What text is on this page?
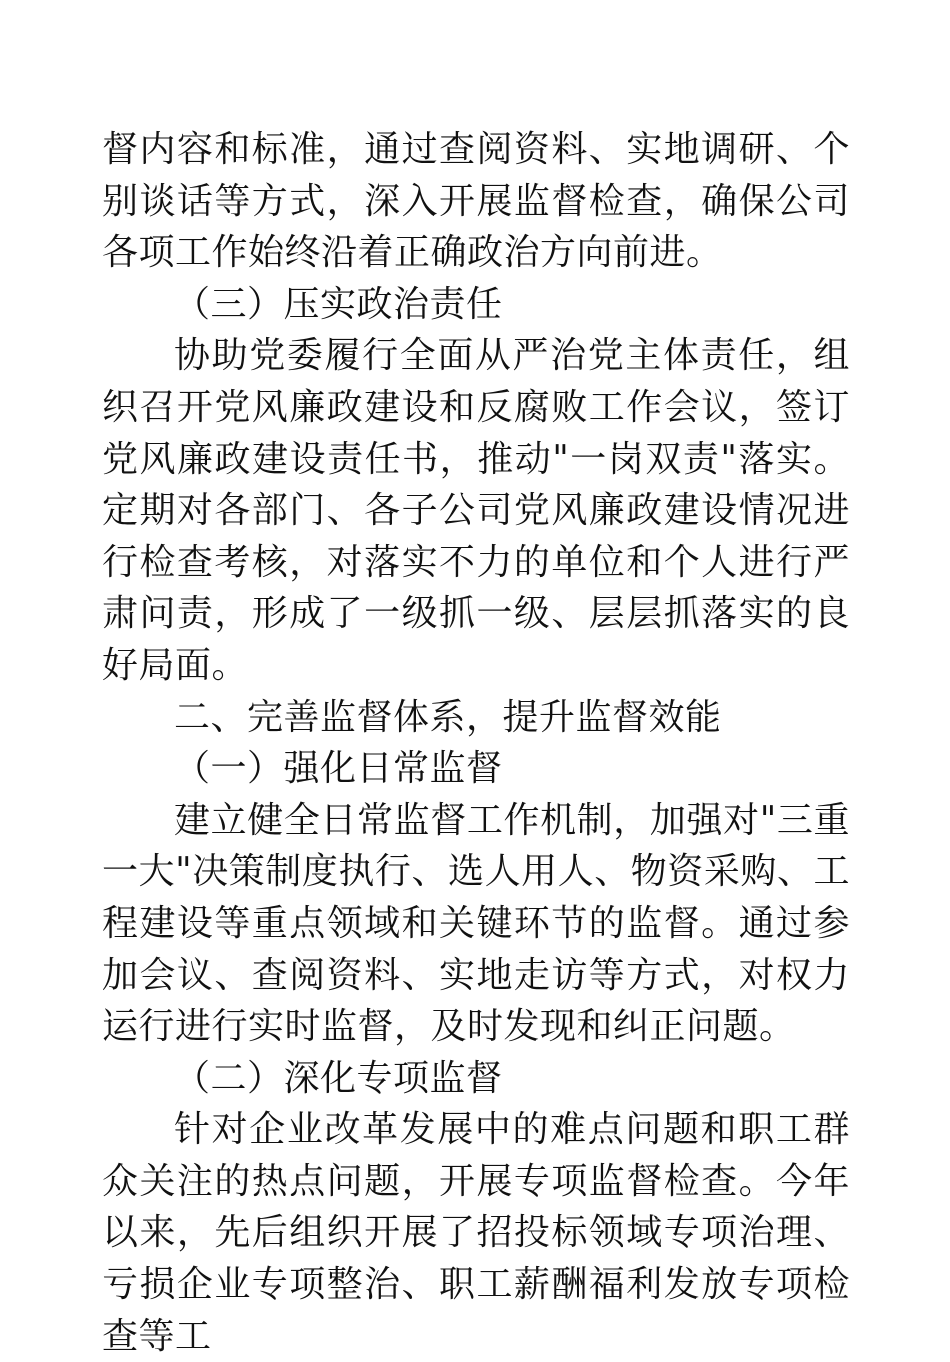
督内容和标准，通过查阅资料、实地调研、个别谈话等方式，深入开展监督检查，确保公司各项工作始终沿着正确政治方向前进。

（三）压实政治责任

协助党委履行全面从严治党主体责任，组织召开党风廉政建设和反腐败工作会议，签订党风廉政建设责任书，推动"一岗双责"落实。定期对各部门、各子公司党风廉政建设情况进行检查考核，对落实不力的单位和个人进行严肃问责，形成了一级抓一级、层层抓落实的良好局面。

二、完善监督体系，提升监督效能

（一）强化日常监督

建立健全日常监督工作机制，加强对"三重一大"决策制度执行、选人用人、物资采购、工程建设等重点领域和关键环节的监督。通过参加会议、查阅资料、实地走访等方式，对权力运行进行实时监督，及时发现和纠正问题。

（二）深化专项监督

针对企业改革发展中的难点问题和职工群众关注的热点问题，开展专项监督检查。今年以来，先后组织开展了招投标领域专项治理、亏损企业专项整治、职工薪酬福利发放专项检查等工
